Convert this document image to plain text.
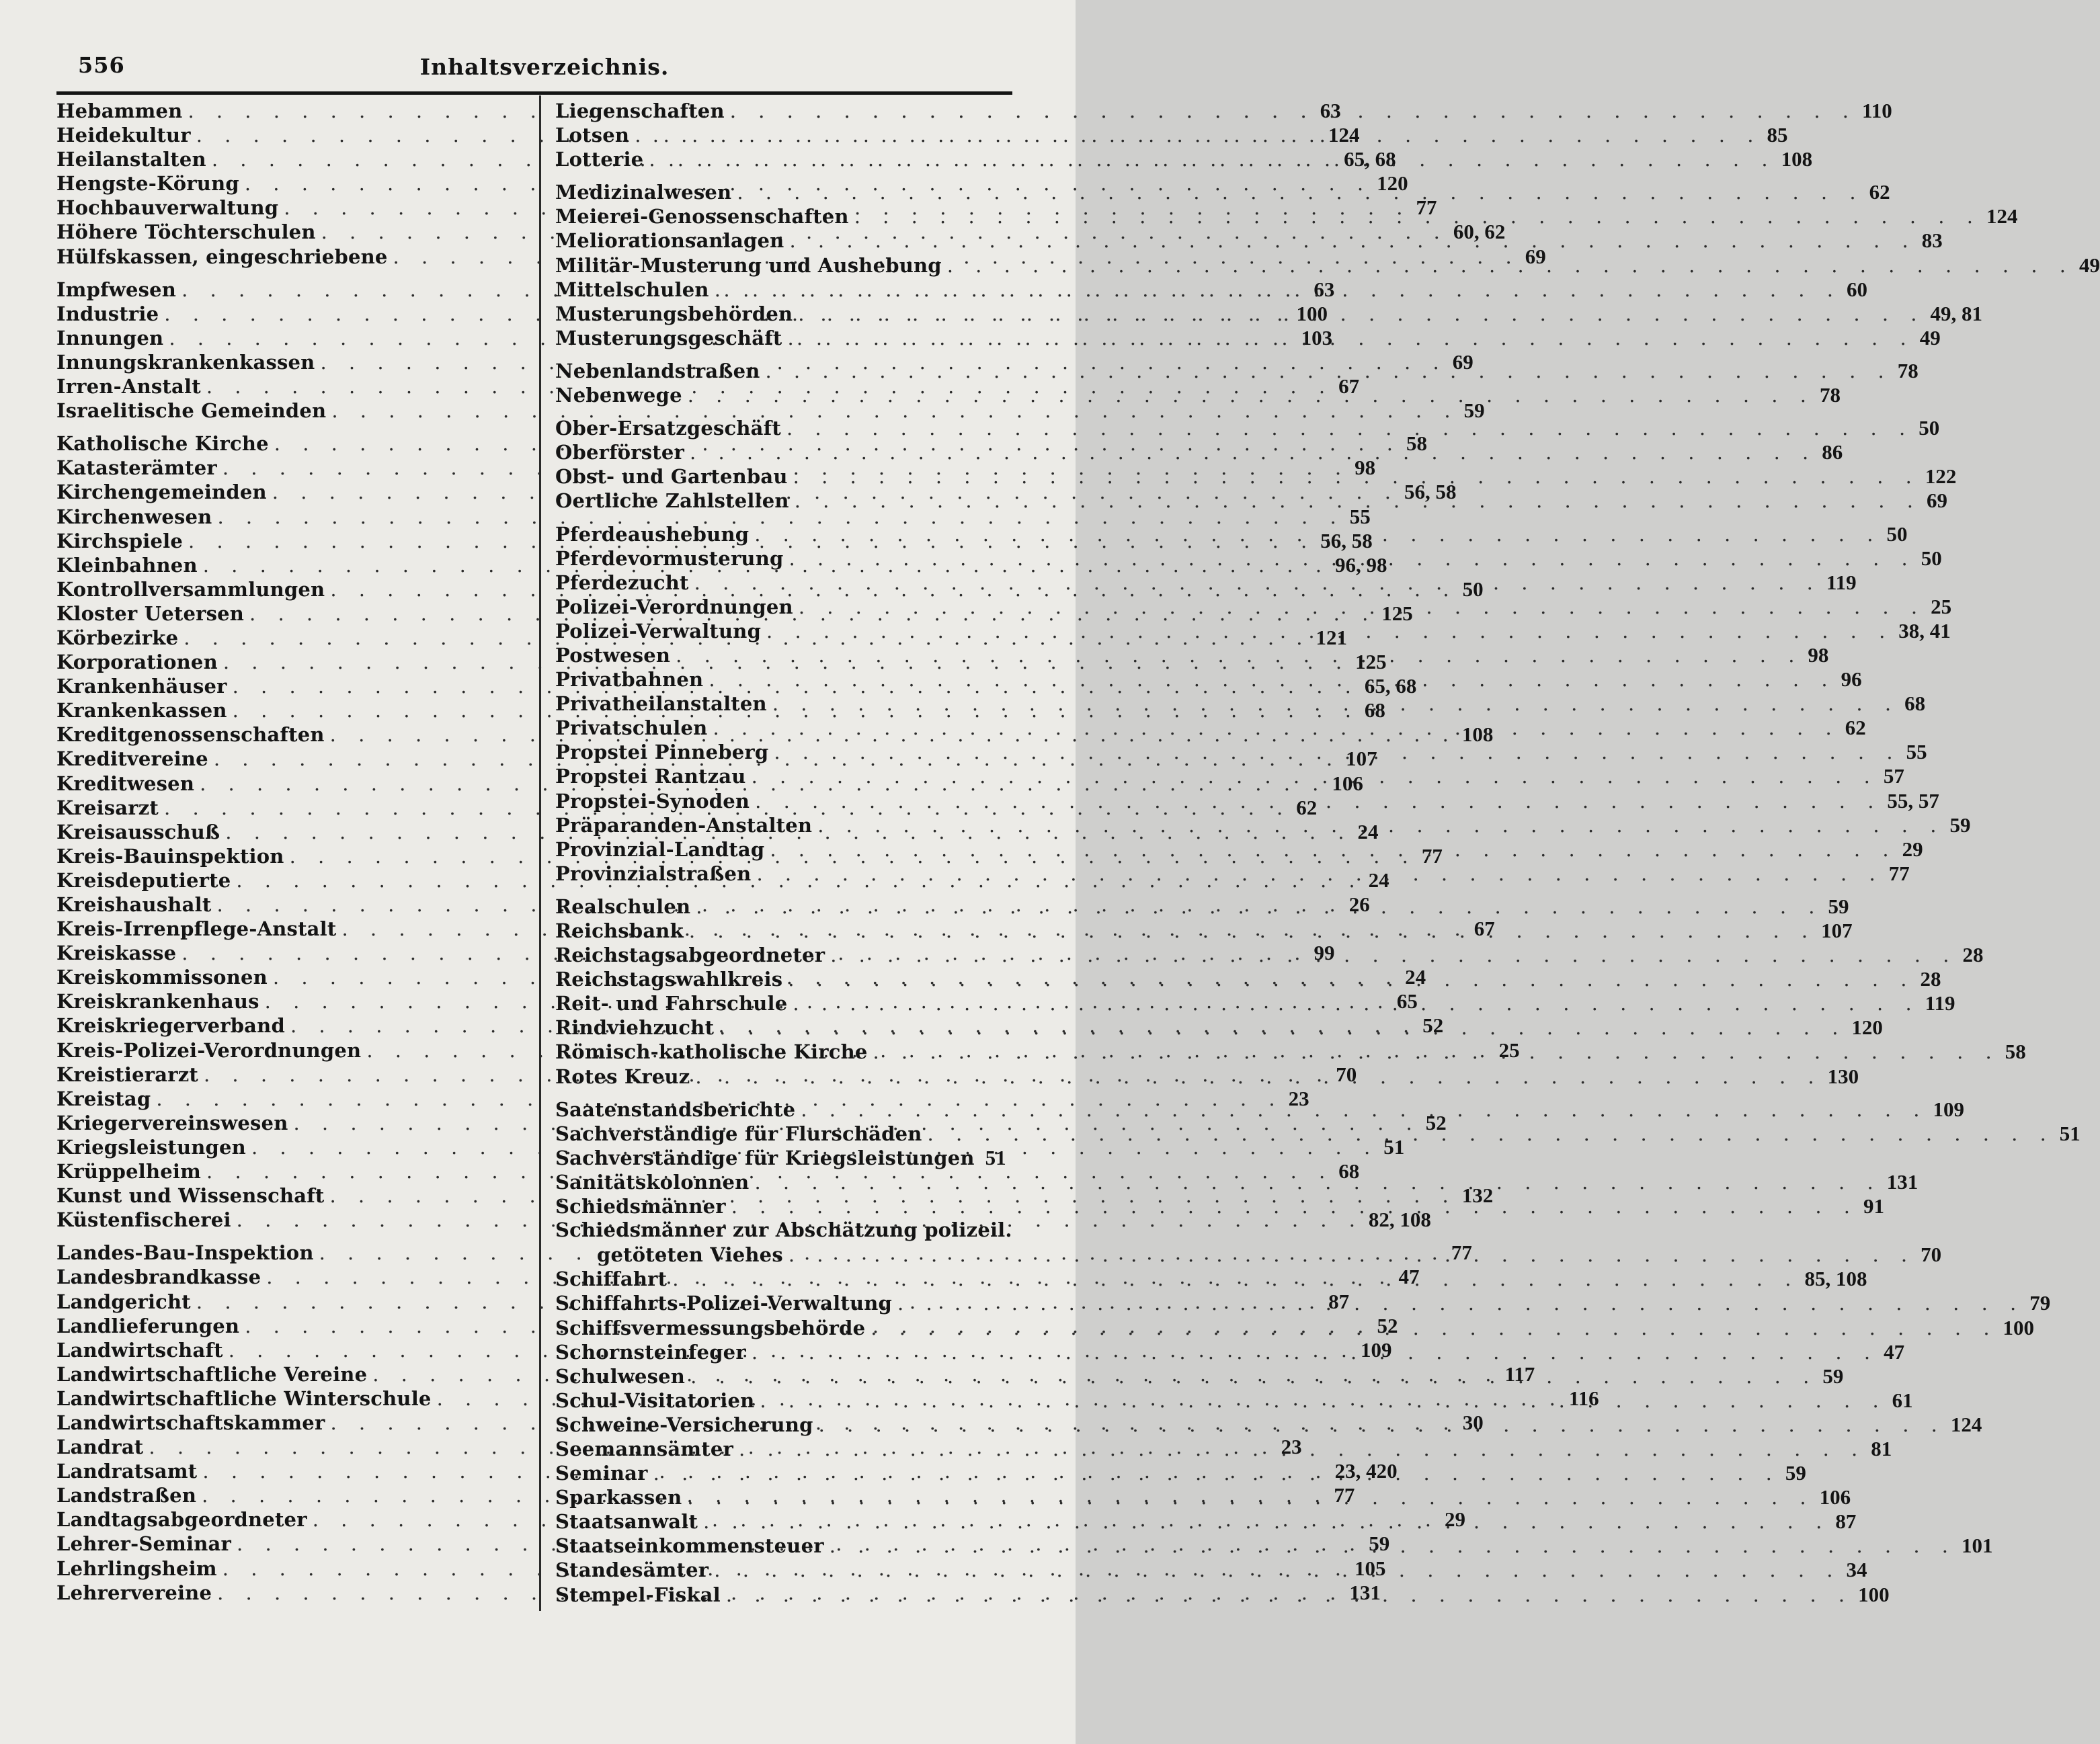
556	Inhaltsverzeichnis.
Hebammen . . .	63
Heidekultur . . .	124
Heilanstalten . . .	65, 68
Hengste-Körung . . .	120
Hochbauverwaltung . . .	77
Höhere Töchterschulen . . .	60, 62
Hülfskassen, eingeschriebene . . .	69
Impfwesen . . .	63
Industrie . . .	100
Innungen . . .	103
Innungskrankenkassen . . .	69
Irren-Anstalt . . .	67
Israelitische Gemeinden . . .	59
Katholische Kirche . . .	58
Katasterämter . . .	98
Kirchengemeinden . . .	56, 58
Kirchenwesen . . .	55
Kirchspiele . . .	56, 58
Kleinbahnen . . .	96, 98
Kontrollversammlungen . . .	50
Kloster Uetersen . . .	125
Körbezirke . . .	121
Korporationen . . .	125
Krankenhäuser . . .	65, 68
Krankenkassen . . .	68
Kreditgenossenschaften . . .	108
Kreditvereine . . .	107
Kreditwesen . . .	106
Kreisarzt . . .	62
Kreisausschuß . . .	24
Kreis-Bauinspektion . . .	77
Kreisdeputierte . . .	24
Kreishaushalt . . .	26
Kreis-Irrenpflege-Anstalt . . .	67
Kreiskasse . . .	99
Kreiskommissonen . . .	24
Kreiskrankenhaus . . .	65
Kreiskriegerverband . . .	52
Kreis-Polizei-Verordnungen . . .	25
Kreistierarzt . . .	70
Kreistag . . .	23
Kriegervereinswesen . . .	52
Kriegsleistungen . . .	51
Krüppelheim . . .	68
Kunst und Wissenschaft . . .	132
Küstenfischerei . . .	82, 108
Landes-Bau-Inspektion . . .	77
Landesbrandkasse . . .	47
Landgericht . . .	87
Landlieferungen . . .	52
Landwirtschaft . . .	109
Landwirtschaftliche Vereine . . .	117
Landwirtschaftliche Winterschule . . .	116
Landwirtschaftskammer . . .	30
Landrat . . .	23
Landratsamt . . .	23, 420
Landstraßen . . .	77
Landtagsabgeordneter . . .	29
Lehrer-Seminar . . .	59
Lehrlingsheim . . .	105
Lehrervereine . . .	131
Liegenschaften . . .	110
Lotsen . . .	85
Lotterie . . .	108
Medizinalwesen . . .	62
Meierei-Genossenschaften . . .	124
Meliorationsanlagen . . .	83
Militär-Musterung und Aushebung . . .	49
Mittelschulen . . .	60
Musterungsbehörden . . .	49, 81
Musterungsgeschäft . . .	49
Nebenlandstraßen . . .	78
Nebenwege . . .	78
Ober-Ersatzgeschäft . . .	50
Oberförster . . .	86
Obst- und Gartenbau . . .	122
Oertliche Zahlstellen . . .	69
Pferdeaushebung . . .	50
Pferdevormusterung . . .	50
Pferdezucht . . .	119
Polizei-Verordnungen . . .	25
Polizei-Verwaltung . . .	38, 41
Postwesen . . .	98
Privatbahnen . . .	96
Privatheilanstalten . . .	68
Privatschulen . . .	62
Propstei Pinneberg . . .	55
Propstei Rantzau . . .	57
Propstei-Synoden . . .	55, 57
Präparanden-Anstalten . . .	59
Provinzial-Landtag . . .	29
Provinzialstraßen . . .	77
Realschulen . . .	59
Reichsbank . . .	107
Reichstagsabgeordneter . . .	28
Reichstagswahlkreis . . .	28
Reit- und Fahrschule . . .	119
Rindviehzucht . . .	120
Römisch-katholische Kirche . . .	58
Rotes Kreuz . . .	130
Saatenstandsberichte . . .	109
Sachverständige für Flurschäden . . .	51
Sachverständige für Kriegsleistungen 51
Sanitätskolonnen . . .	131
Schiedsmänner . . .	91
Schiedsmänner zur Abschätzung polizeil.
getöteten Viehes . . .	70
Schiffahrt . . .	85, 108
Schiffahrts-Polizei-Verwaltung . . .	79
Schiffsvermessungsbehörde . . .	100
Schornsteinfeger . . .	47
Schulwesen . . .	59
Schul-Visitatorien . . .	61
Schweine-Versicherung . . .	124
Seemannsämter . . .	81
Seminar . . .	59
Sparkassen . . .	106
Staatsanwalt . . .	87
Staatseinkommensteuer . . .	101
Standesämter . . .	34
Stempel-Fiskal . . .	100
